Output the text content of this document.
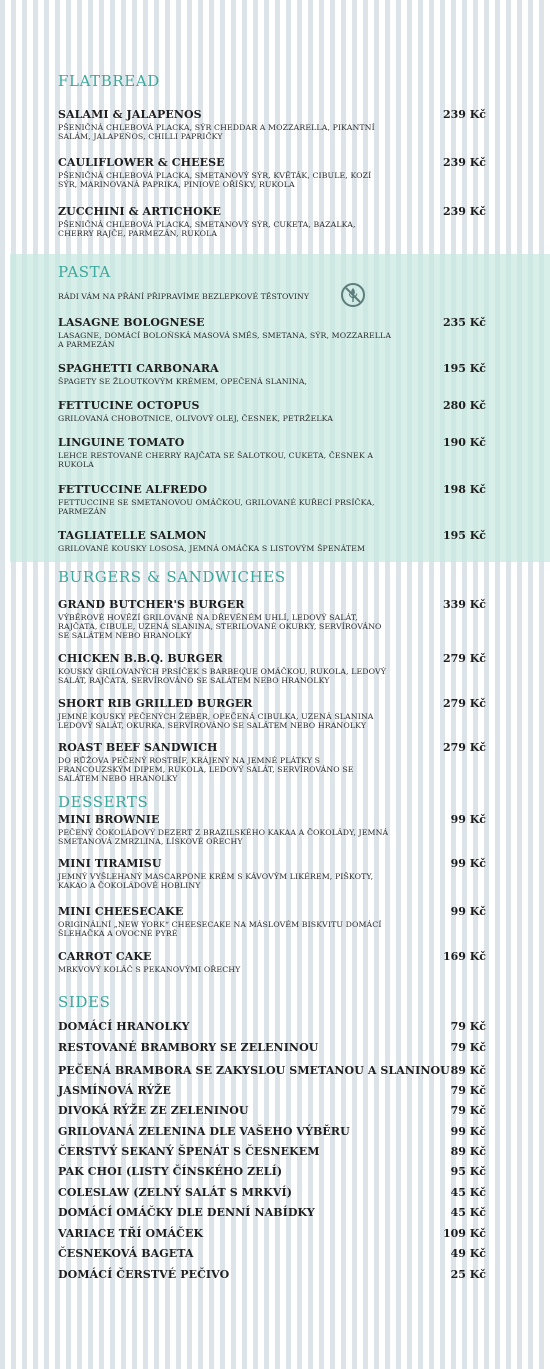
FLATBREAD
SALAMI & JALAPENOS	239 Kč
PŠENIČNÁ CHLEBOVÁ PLACKA, SÝR CHEDDAR A MOZZARELLA, PIKANTNÍ SALÁM, JALAPEŇOS, CHILLI PAPRIČKY
CAULIFLOWER & CHEESE	239 Kč
PŠENIČNÁ CHLEBOVÁ PLACKA, SMETANOVÝ SÝR, KVĚTÁK, CIBULE, KOZÍ SÝR, MARINOVANÁ PAPRIKA, PINIOVÉ OŘÍŠKY, RUKOLA
ZUCCHINI & ARTICHOKE	239 Kč
PŠENIČNÁ CHLEBOVÁ PLACKA, SMETANOVÝ SÝR, CUKETA, BAZALKA, CHERRY RAJČE, PARMEZÁN, RUKOLA
PASTA
RÁDI VÁM NA PŘÁNÍ PŘIPRAVÍME BEZLEPKOVÉ TĚSTOVINY
LASAGNE BOLOGNESE	235 Kč
LASAGNE, DOMÁCÍ BOLOŇSKÁ MASOVÁ SMĚS, SMETANA, SÝR, MOZZARELLA A PARMEZÁN
SPAGHETTI CARBONARA	195 Kč
ŠPAGETY SE ŽLOUTKOVÝM KRÉMEM, OPEČENÁ SLANINA,
FETTUCINE OCTOPUS	280 Kč
GRILOVANÁ CHOBOTNICE, OLIVOVÝ OLEJ, ČESNEK, PETRŽELKA
LINGUINE TOMATO	190 Kč
LEHCE RESTOVANÉ CHERRY RAJČATA SE ŠALOTKOU, CUKETA, ČESNEK A RUKOLA
FETTUCCINE ALFREDO	198 Kč
FETTUCCINE SE SMETANOVOU OMÁČKOU, GRILOVANÉ KUŘECÍ PRSÍČKA, PARMEZÁN
TAGLIATELLE SALMON	195 Kč
GRILOVANÉ KOUSKY LOSOSA, JEMNÁ OMÁČKA S LISTOVÝM ŠPENÁTEM
BURGERS & SANDWICHES
GRAND BUTCHER'S BURGER	339 Kč
VÝBĚROVÉ HOVĚZÍ GRILOVANÉ NA DŘEVĚNÉM UHLÍ, LEDOVÝ SALÁT, RAJČATA, CIBULE, UZENÁ SLANINA, STERILOVANÉ OKURKY, SERVÍROVÁNO SE SALÁTEM NEBO HRANOLKY
CHICKEN B.B.Q. BURGER	279 Kč
KOUSKY GRILOVANÝCH PRSÍČEK S BARBEQUE OMÁČKOU, RUKOLA, LEDOVÝ SALÁT, RAJČATA, SERVÍROVÁNO SE SALÁTEM NEBO HRANOLKY
SHORT RIB GRILLED BURGER	279 Kč
JEMNÉ KOUSKY PEČENÝCH ŽEBER, OPEČENÁ CIBULKA, UZENÁ SLANINA LEDOVÝ SALÁT, OKURKA, SERVÍROVÁNO SE SALÁTEM NEBO HRANOLKY
ROAST BEEF SANDWICH	279 Kč
DO RŮŽOVA PEČENÝ ROSTBÍF, KRÁJENÝ NA JEMNÉ PLÁTKY S FRANCOUZSKÝM DIPEM, RUKOLA, LEDOVÝ SALÁT, SERVÍROVÁNO SE SALÁTEM NEBO HRANOLKY
DESSERTS
MINI BROWNIE	99 Kč
PEČENÝ ČOKOLÁDOVÝ DEZERT Z BRAZILSKÉHO KAKAA A ČOKOLÁDY, JEMNÁ SMETANOVÁ ZMRZLINA, LÍSKOVÉ OŘECHY
MINI TIRAMISU	99 Kč
JEMNÝ VYŠLEHANÝ MASCARPONE KRÉM S KÁVOVÝM LIKÉREM, PIŠKOTY, KAKAO A ČOKOLÁDOVÉ HOBLINY
MINI CHEESECAKE	99 Kč
ORIGINÁLNÍ „NEW YORK“ CHEESECAKE NA MÁSLOVÉM BISKVITU DOMÁCÍ ŠLEHAČKA A OVOCNÉ PYRÉ
CARROT CAKE	169 Kč
MRKVOVÝ KOLÁČ S PEKANOVÝMI OŘECHY
SIDES
DOMÁCÍ HRANOLKY	79 Kč
RESTOVANÉ BRAMBORY SE ZELENINOU	79 Kč
PEČENÁ BRAMBORA SE ZAKYSLOU SMETANOU A SLANINOU 89 Kč
JASMÍNOVÁ RÝŽE	79 Kč
DIVOKÁ RÝŽE ZE ZELENINOU	79 Kč
GRILOVANÁ ZELENINA DLE VAŠEHO VÝBĚRU	99 Kč
ČERSTVÝ SEKANÝ ŠPENÁT S ČESNEKEM	89 Kč
PAK CHOI (LISTY ČÍNSKÉHO ZELÍ)	95 Kč
COLESLAW (ZELNÝ SALÁT S MRKVÍ)	45 Kč
DOMÁCÍ OMÁČKY DLE DENNÍ NABÍDKY	45 Kč
VARIACE TŘÍ OMÁČEK	109 Kč
ČESNEKOVÁ BAGETA	49 Kč
DOMÁCÍ ČERSTVÉ PEČIVO	25 Kč
